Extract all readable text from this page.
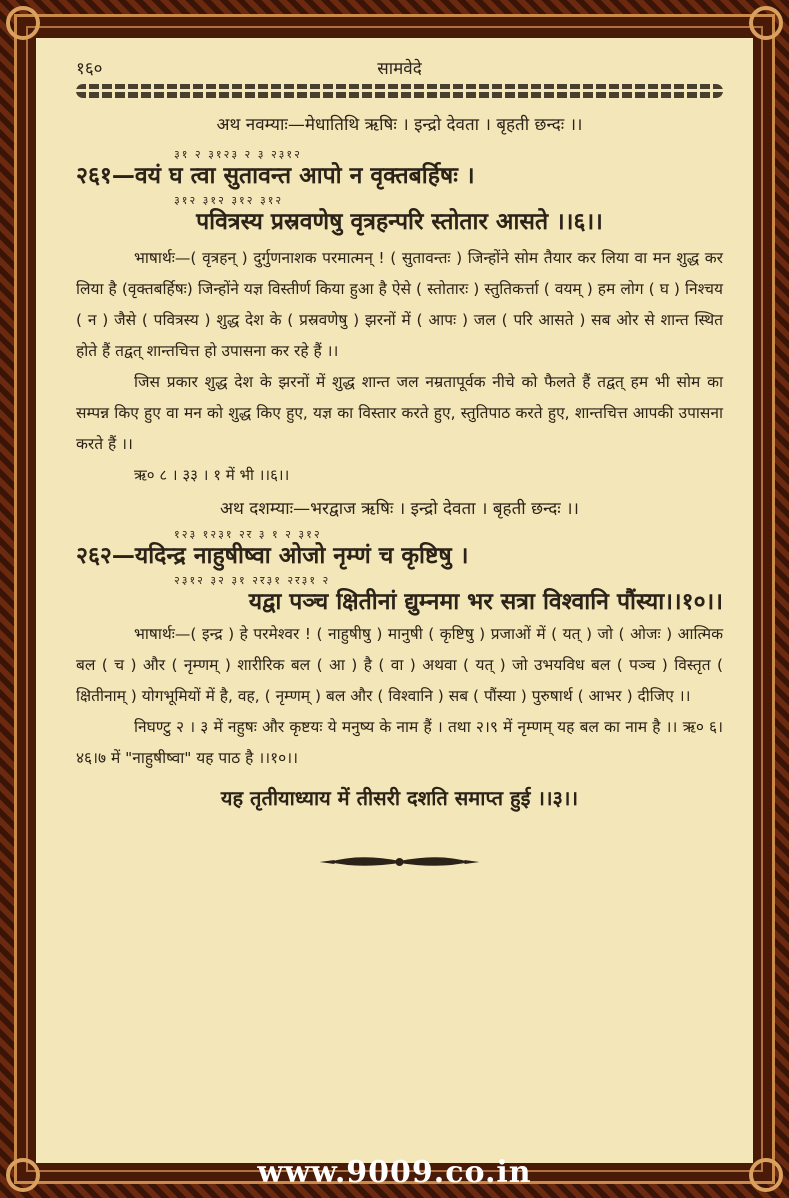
सामवेदे
१६०
अथ नवम्याः—मेधातिथि ऋषिः । इन्द्रो देवता । बृहती छन्दः ।।
३१ २ ३१२३ २ ३ २३१२
२६१—वयं घ त्वा सुतावन्त आपो न वृक्तबर्हिषः ।
३१२ ३१२ ३१२ ३१२
पवित्रस्य प्रस्रवणेषु वृत्रहन्परि स्तोतार आसते ।।६।।

भाषार्थः—( वृत्रहन् ) दुर्गुणनाशक परमात्मन् ! ( सुतावन्तः ) जिन्होंने सोम तैयार कर लिया वा मन शुद्ध कर लिया है (वृक्तबर्हिषः) जिन्होंने यज्ञ विस्तीर्ण किया हुआ है ऐसे ( स्तोतारः ) स्तुतिकर्त्ता ( वयम् ) हम लोग ( घ ) निश्चय ( न ) जैसे ( पवित्रस्य ) शुद्ध देश के ( प्रस्रवणेषु ) झरनों में ( आपः ) जल ( परि आसते ) सब ओर से शान्त स्थित होते हैं तद्वत् शान्तचित्त हो उपासना कर रहे हैं ।।

जिस प्रकार शुद्ध देश के झरनों में शुद्ध शान्त जल नम्रतापूर्वक नीचे को फैलते हैं तद्वत् हम भी सोम का सम्पन्न किए हुए वा मन को शुद्ध किए हुए, यज्ञ का विस्तार करते हुए, स्तुतिपाठ करते हुए, शान्तचित्त आपकी उपासना करते हैं ।।

ऋ० ८ । ३३ । १ में भी ।।६।।
अथ दशम्याः—भरद्वाज ऋषिः । इन्द्रो देवता । बृहती छन्दः ।।
१२३ १२३१ २र ३ १ २ ३१२
२६२—यदिन्द्र नाहुषीष्वा ओजो नृम्णं च कृष्टिषु ।
२३१२ ३२ ३१ २र३१ २र३१ २
यद्वा पञ्च क्षितीनां द्युम्नमा भर सत्रा विश्वानि पौंस्या।।१०।।

भाषार्थः—( इन्द्र ) हे परमेश्वर ! ( नाहुषीषु ) मानुषी ( कृष्टिषु ) प्रजाओं में ( यत् ) जो ( ओजः ) आत्मिक बल ( च ) और ( नृम्णम् ) शारीरिक बल ( आ ) है ( वा ) अथवा ( यत् ) जो उभयविध बल ( पञ्च ) विस्तृत ( क्षितीनाम् ) योगभूमियों में है, वह, ( नृम्णम् ) बल और ( विश्वानि ) सब ( पौंस्या ) पुरुषार्थ ( आभर ) दीजिए ।।

निघण्टु २ । ३ में नहुषः और कृष्टयः ये मनुष्य के नाम हैं । तथा २।९ में नृम्णम् यह बल का नाम है ।। ऋ० ६।४६।७ में "नाहुषीष्वा" यह पाठ है ।।१०।।

यह तृतीयाध्याय में तीसरी दशति समाप्त हुई ।।३।।
www.9009.co.in
